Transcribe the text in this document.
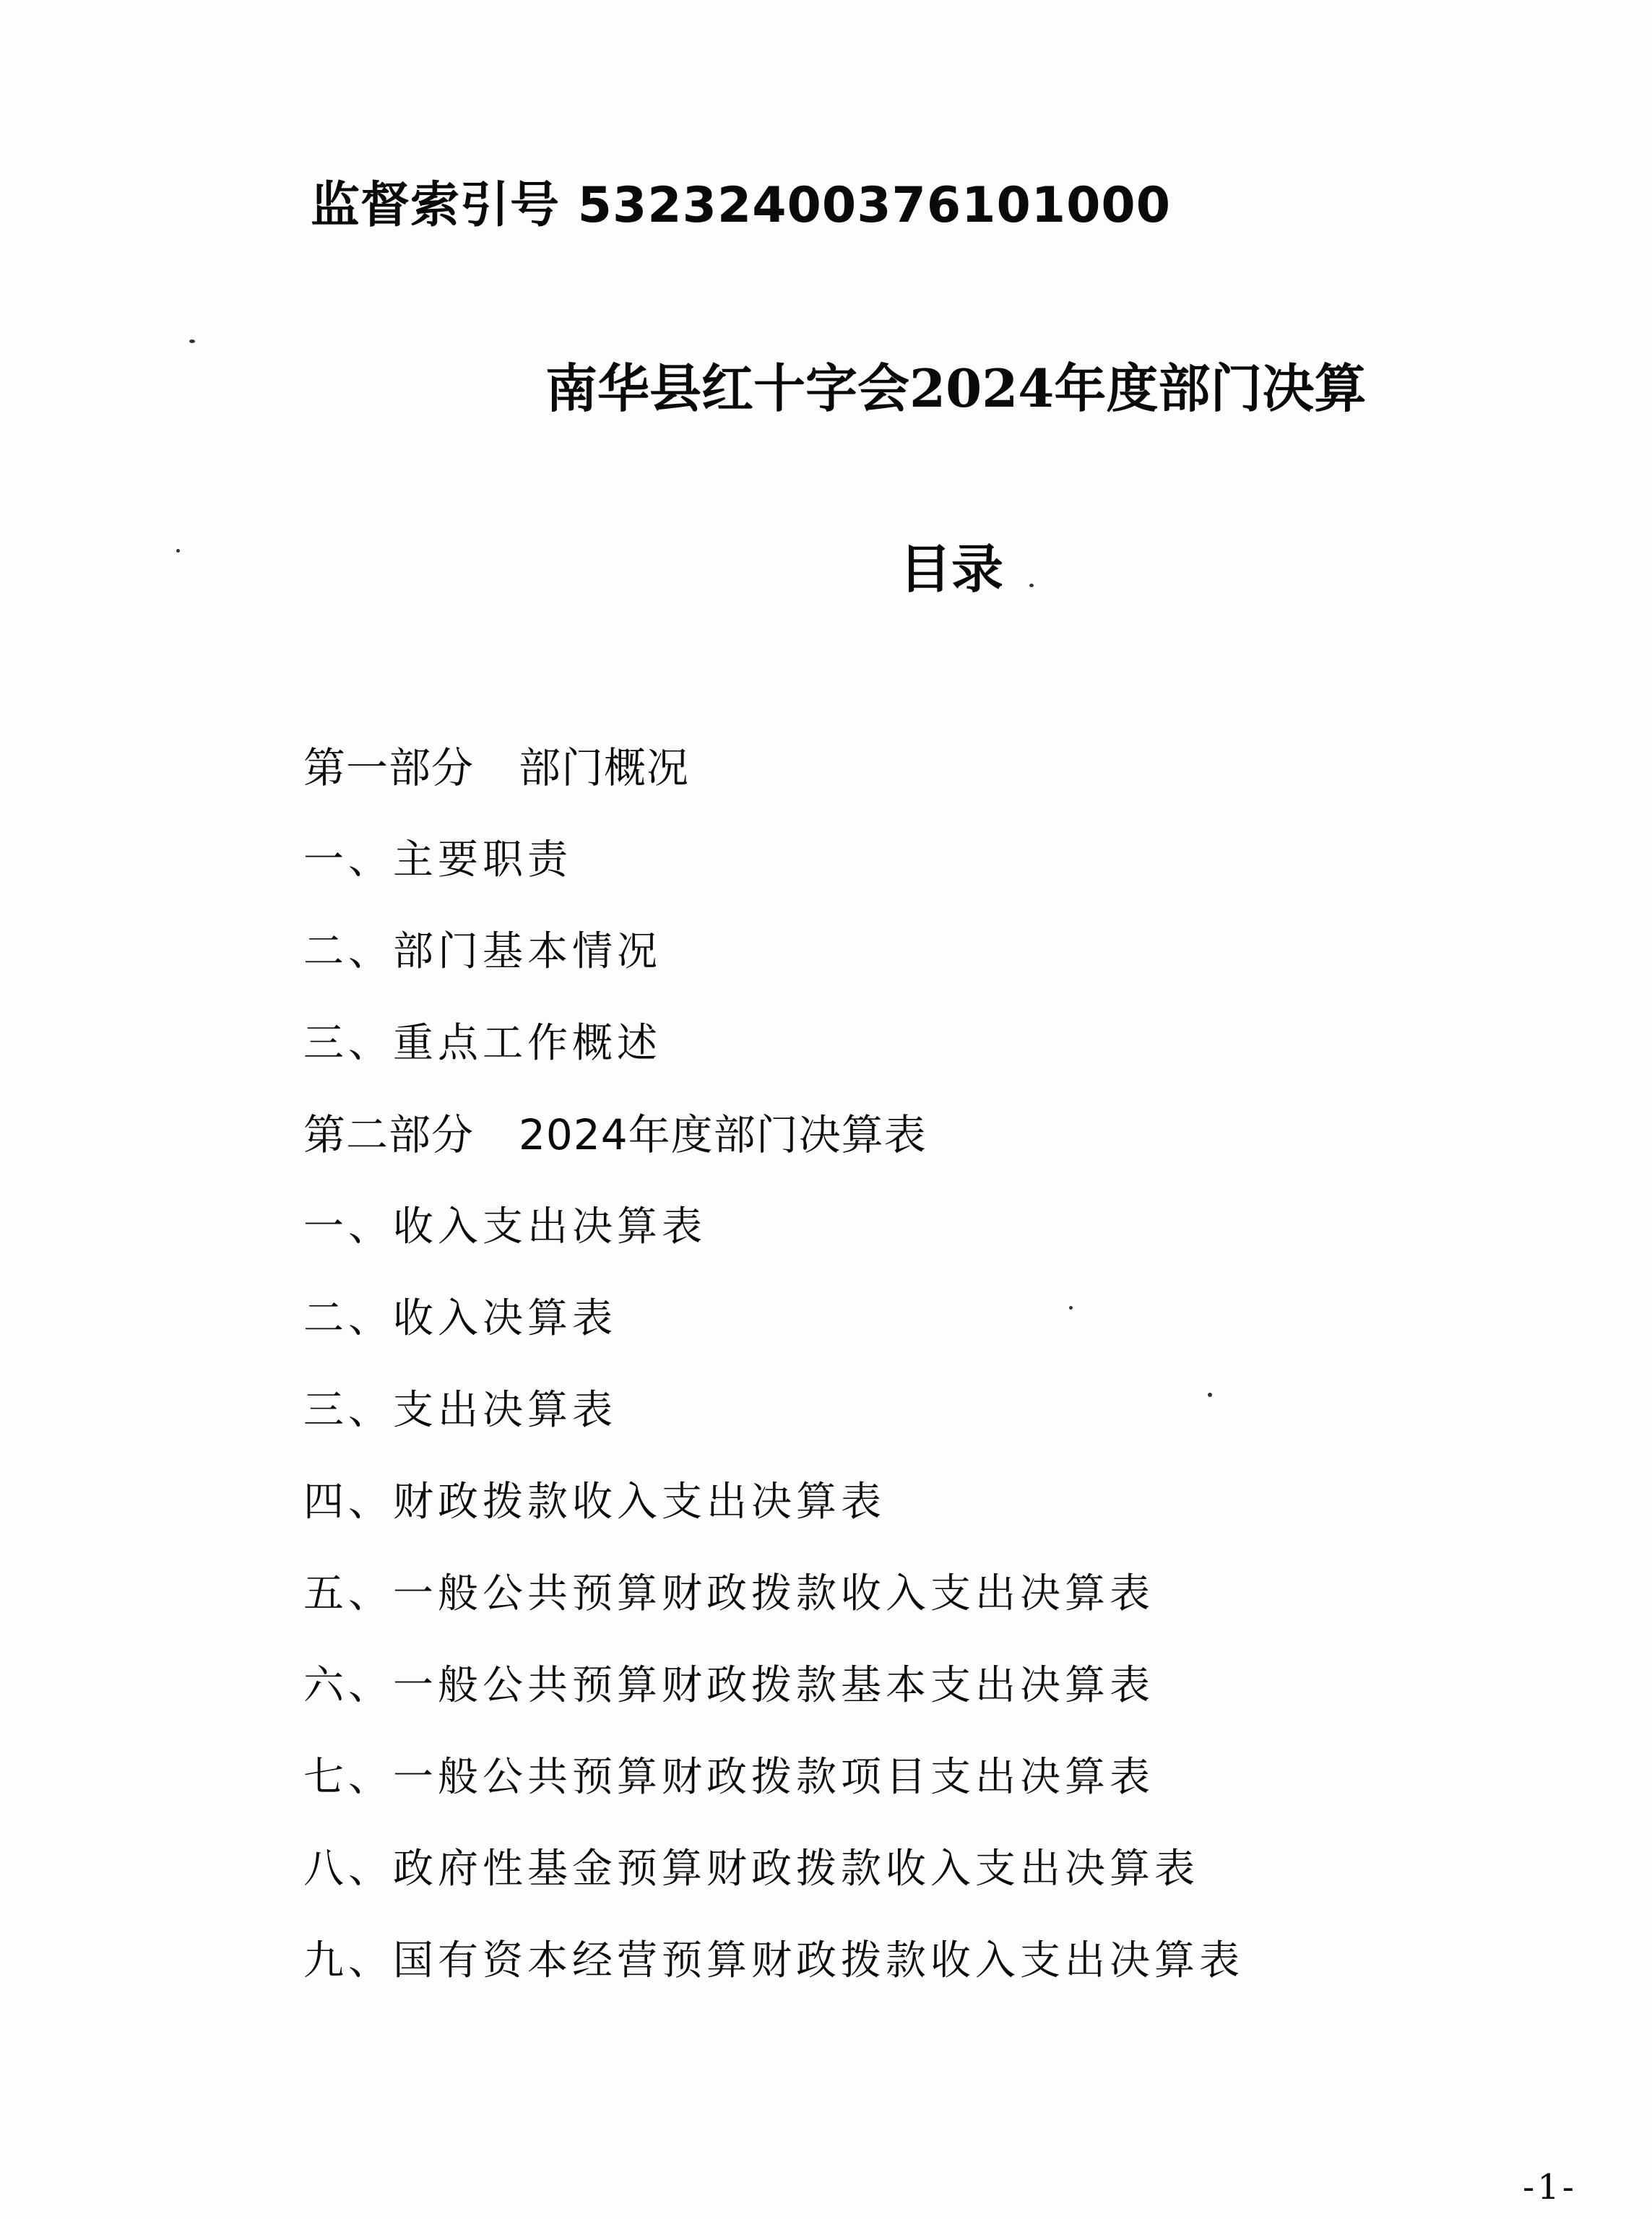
监督索引号 53232400376101000
南华县红十字会2024年度部门决算
目录
第一部分 部门概况
一、主要职责
二、部门基本情况
三、重点工作概述
第二部分 2024年度部门决算表
一、收入支出决算表
二、收入决算表
三、支出决算表
四、财政拨款收入支出决算表
五、一般公共预算财政拨款收入支出决算表
六、一般公共预算财政拨款基本支出决算表
七、一般公共预算财政拨款项目支出决算表
八、政府性基金预算财政拨款收入支出决算表
九、国有资本经营预算财政拨款收入支出决算表
-1-
